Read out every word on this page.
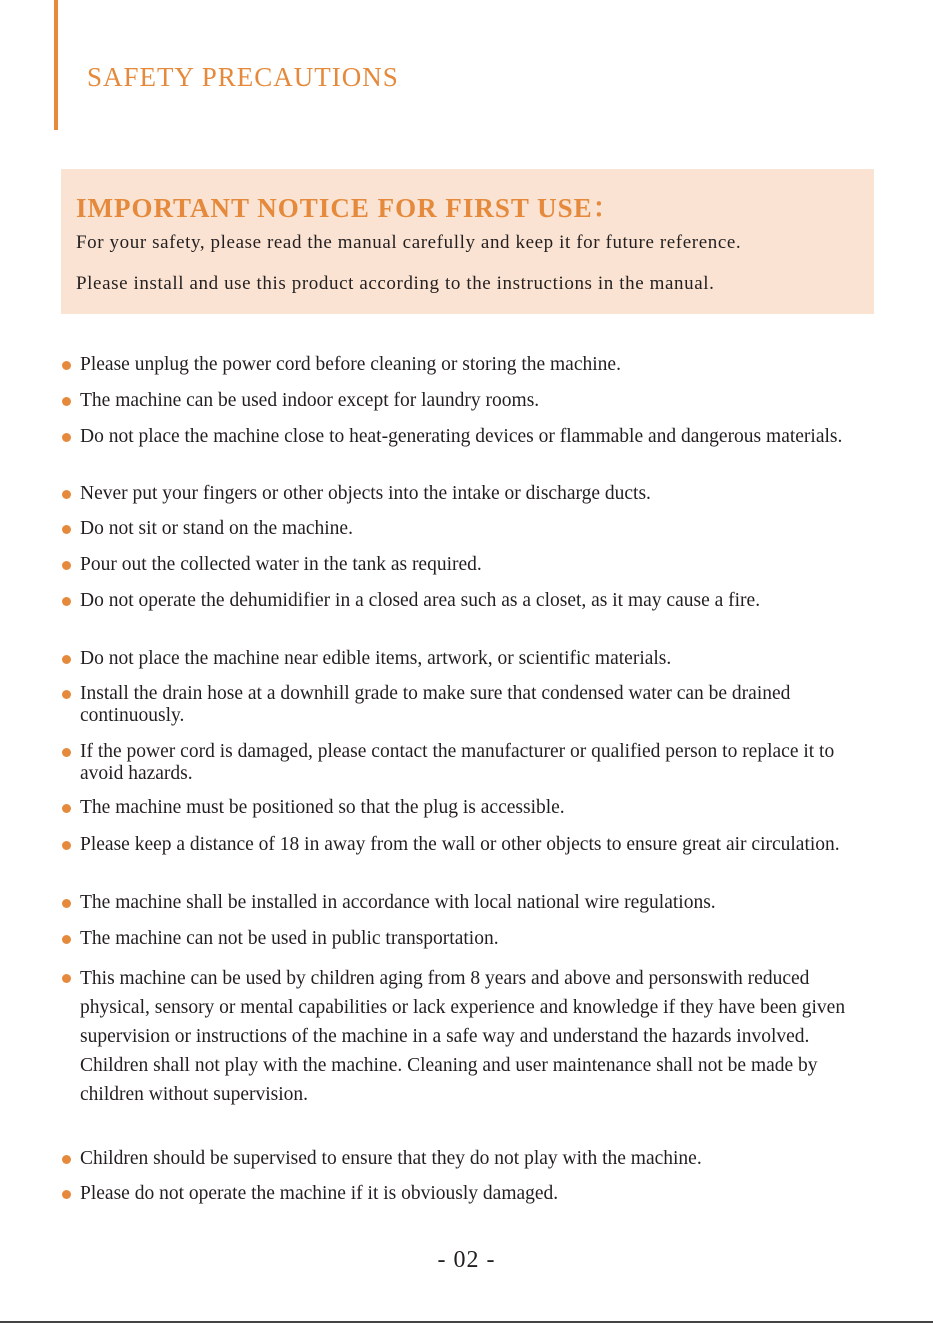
SAFETY PRECAUTIONS
IMPORTANT NOTICE FOR FIRST USE：
For your safety, please read the manual carefully and keep it for future reference.
Please install and use this product according to the instructions in the manual.
Please unplug the power cord before cleaning or storing the machine.
The machine can be used indoor except for laundry rooms.
Do not place the machine close to heat-generating devices or flammable and dangerous materials.
Never put your fingers or other objects into the intake or discharge ducts.
Do not sit or stand on the machine.
Pour out the collected water in the tank as required.
Do not operate the dehumidifier in a closed area such as a closet, as it may cause a fire.
Do not place the machine near edible items, artwork, or scientific materials.
Install the drain hose at a downhill grade to make sure that condensed water can be drained continuously.
If the power cord is damaged, please contact the manufacturer or qualified person to replace it to avoid hazards.
The machine must be positioned so that the plug is accessible.
Please keep a distance of 18 in away from the wall or other objects to ensure great air circulation.
The machine shall be installed in accordance with local national wire regulations.
The machine can not be used in public transportation.
This machine can be used by children aging from 8 years and above and personswith reduced physical, sensory or mental capabilities or lack experience and knowledge if they have been given supervision or instructions of the machine in a safe way and understand the hazards involved. Children shall not play with the machine. Cleaning and user maintenance shall not be made by children without supervision.
Children should be supervised to ensure that they do not play with the machine.
Please do not operate the machine if it is obviously damaged.
- 02 -
